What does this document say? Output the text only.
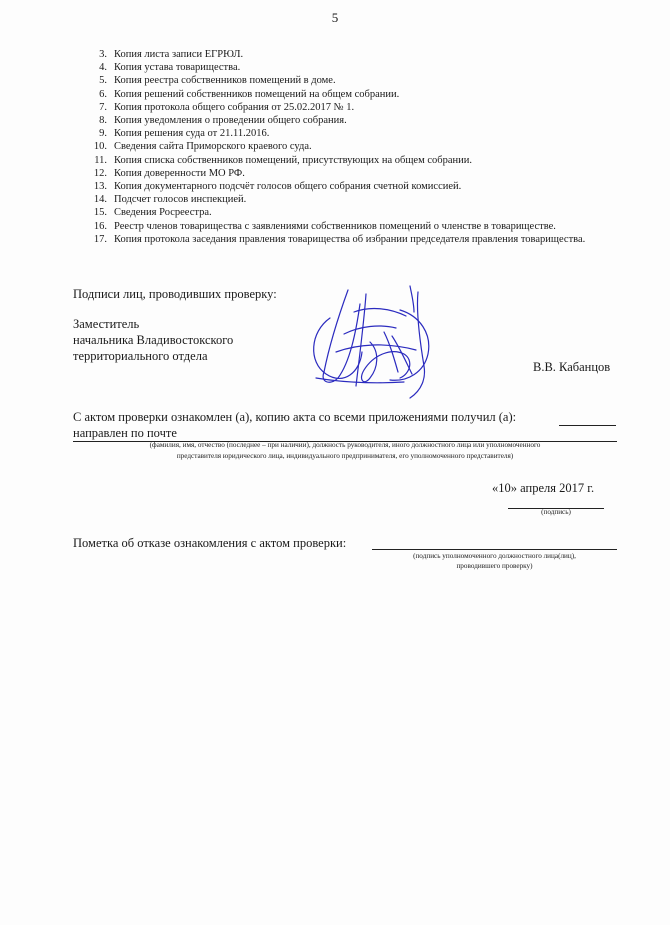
5
3. Копия листа записи ЕГРЮЛ.
4. Копия устава товарищества.
5. Копия реестра собственников помещений в доме.
6. Копия решений собственников помещений на общем собрании.
7. Копия протокола общего собрания от 25.02.2017 № 1.
8. Копия уведомления о проведении общего собрания.
9. Копия решения суда от 21.11.2016.
10. Сведения сайта Приморского краевого суда.
11. Копия списка собственников помещений, присутствующих на общем собрании.
12. Копия доверенности МО РФ.
13. Копия документарного подсчёт голосов общего собрания счетной комиссией.
14. Подсчет голосов инспекцией.
15. Сведения Росреестра.
16. Реестр членов товарищества с заявлениями собственников помещений о членстве в товариществе.
17. Копия протокола заседания правления товарищества об избрании председателя правления товарищества.
Подписи лиц, проводивших проверку:
Заместитель
начальника Владивостокского
территориального отдела
В.В. Кабанцов
С актом проверки ознакомлен (а), копию акта со всеми приложениями получил (а):
направлен по почте
(фамилия, имя, отчество (последнее – при наличии), должность руководителя, иного должностного лица или уполномоченного
представителя юридического лица, индивидуального предпринимателя, его уполномоченного представителя)
«10» апреля 2017 г.
(подпись)
Пометка об отказе ознакомления с актом проверки:
(подпись уполномоченного должностного лица(лиц),
проводившего проверку)
